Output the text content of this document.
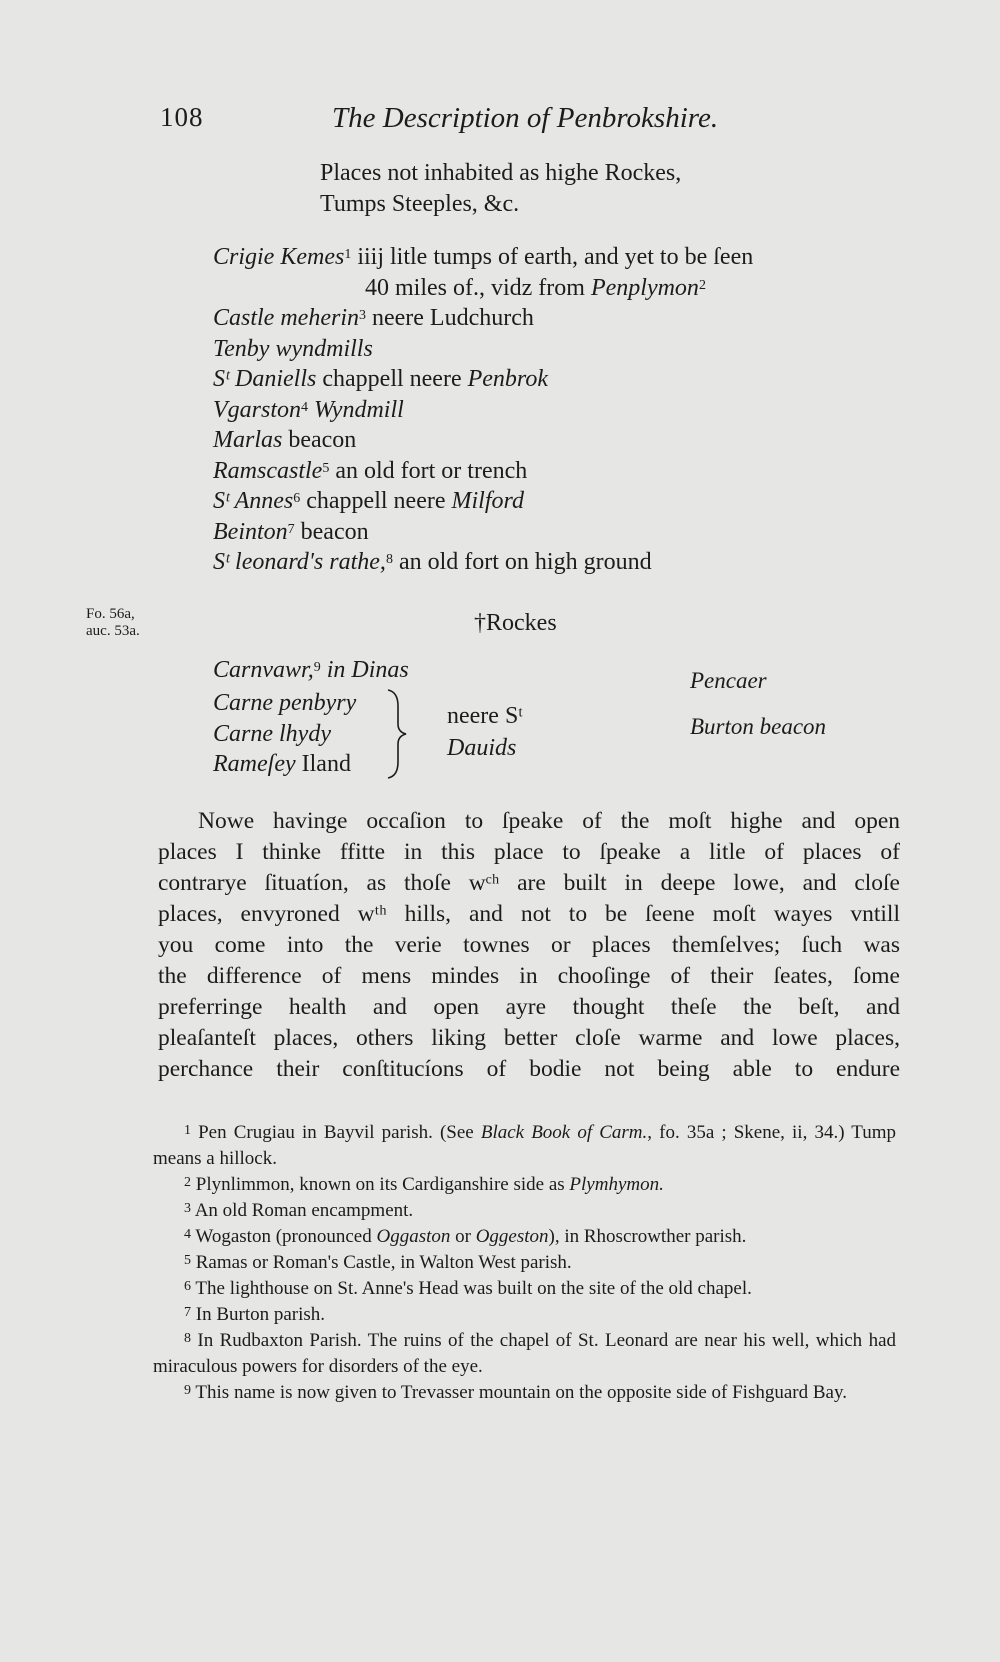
108	The Description of Penbrokshire.
Places not inhabited as highe Rockes,
Tumps Steeples, &c.
Crigie Kemes$^1$ iiij litle tumps of earth, and yet to be ſeen
40 miles of., vidz from Penplymon$^2$
Castle meherin$^3$ neere Ludchurch
Tenby wyndmills
Sᵗ Daniells chappell neere Penbrok
Vgarston$^4$ Wyndmill
Marlas beacon
Ramscastle$^5$ an old fort or trench
Sᵗ Annes$^6$ chappell neere Milford
Beinton$^7$ beacon
Sᵗ leonard's rathe,$^8$ an old fort on high ground
Fo. 56a,
auc. 53a.	†Rockes
Carnvawr,$^9$ in Dinas
Carne penbyry
Carne lhydy
Rameſey Iland
neere Sᵗ
Dauids
Pencaer
Burton beacon
Nowe havinge occaſion to ſpeake of the moſt highe and open
places I thinke ffitte in this place to ſpeake a litle of places of
contrarye ſituatíon, as thoſe wᶜʰ are built in deepe lowe, and cloſe
places, envyroned wᵗʰ hills, and not to be ſeene moſt wayes vntill
you come into the verie townes or places themſelves; ſuch was
the difference of mens mindes in chooſinge of their ſeates, ſome
preferringe health and open ayre thought theſe the beſt, and
pleaſanteſt places, others liking better cloſe warme and lowe places,
perchance their conſtitucíons of bodie not being able to endure
$^1$ Pen Crugiau in Bayvil parish. (See Black Book of Carm., fo. 35a ; Skene, ii, 34.) Tump means a hillock.
$^2$ Plynlimmon, known on its Cardiganshire side as Plymhymon.
$^3$ An old Roman encampment.
$^4$ Wogaston (pronounced Oggaston or Oggeston), in Rhoscrowther parish.
$^5$ Ramas or Roman's Castle, in Walton West parish.
$^6$ The lighthouse on St. Anne's Head was built on the site of the old chapel.
$^7$ In Burton parish.
$^8$ In Rudbaxton Parish. The ruins of the chapel of St. Leonard are near his well, which had miraculous powers for disorders of the eye.
$^9$ This name is now given to Trevasser mountain on the opposite side of Fishguard Bay.
